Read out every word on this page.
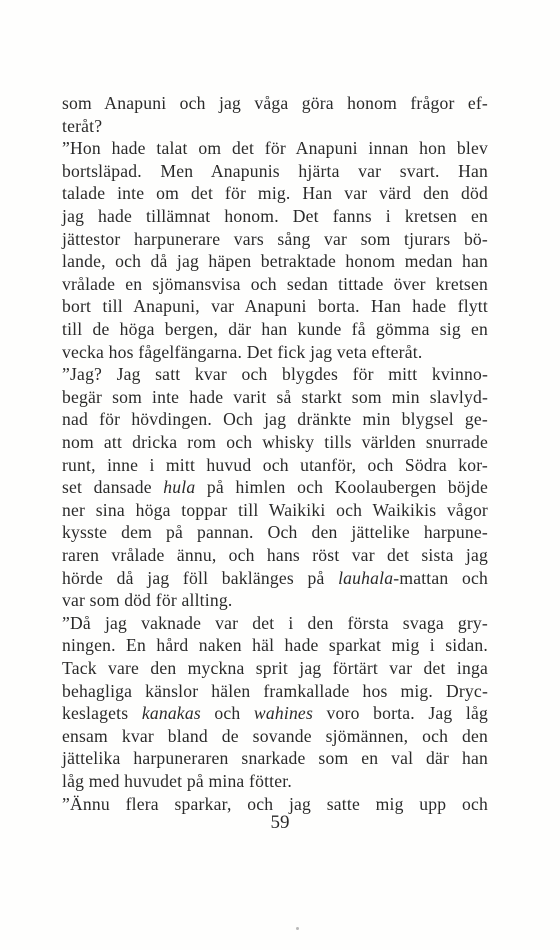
som Anapuni och jag våga göra honom frågor ef-
teråt?
”Hon hade talat om det för Anapuni innan hon blev
bortsläpad. Men Anapunis hjärta var svart. Han
talade inte om det för mig. Han var värd den död
jag hade tillämnat honom. Det fanns i kretsen en
jättestor harpunerare vars sång var som tjurars bö-
lande, och då jag häpen betraktade honom medan han
vrålade en sjömansvisa och sedan tittade över kretsen
bort till Anapuni, var Anapuni borta. Han hade flytt
till de höga bergen, där han kunde få gömma sig en
vecka hos fågelfängarna. Det fick jag veta efteråt.
”Jag? Jag satt kvar och blygdes för mitt kvinno-
begär som inte hade varit så starkt som min slavlyd-
nad för hövdingen. Och jag dränkte min blygsel ge-
nom att dricka rom och whisky tills världen snurrade
runt, inne i mitt huvud och utanför, och Södra kor-
set dansade hula på himlen och Koolaubergen böjde
ner sina höga toppar till Waikiki och Waikikis vågor
kysste dem på pannan. Och den jättelike harpune-
raren vrålade ännu, och hans röst var det sista jag
hörde då jag föll baklänges på lauhala-mattan och
var som död för allting.
”Då jag vaknade var det i den första svaga gry-
ningen. En hård naken häl hade sparkat mig i sidan.
Tack vare den myckna sprit jag förtärt var det inga
behagliga känslor hälen framkallade hos mig. Dryc-
keslagets kanakas och wahines voro borta. Jag låg
ensam kvar bland de sovande sjömännen, och den
jättelika harpuneraren snarkade som en val där han
låg med huvudet på mina fötter.
”Ännu flera sparkar, och jag satte mig upp och
59
